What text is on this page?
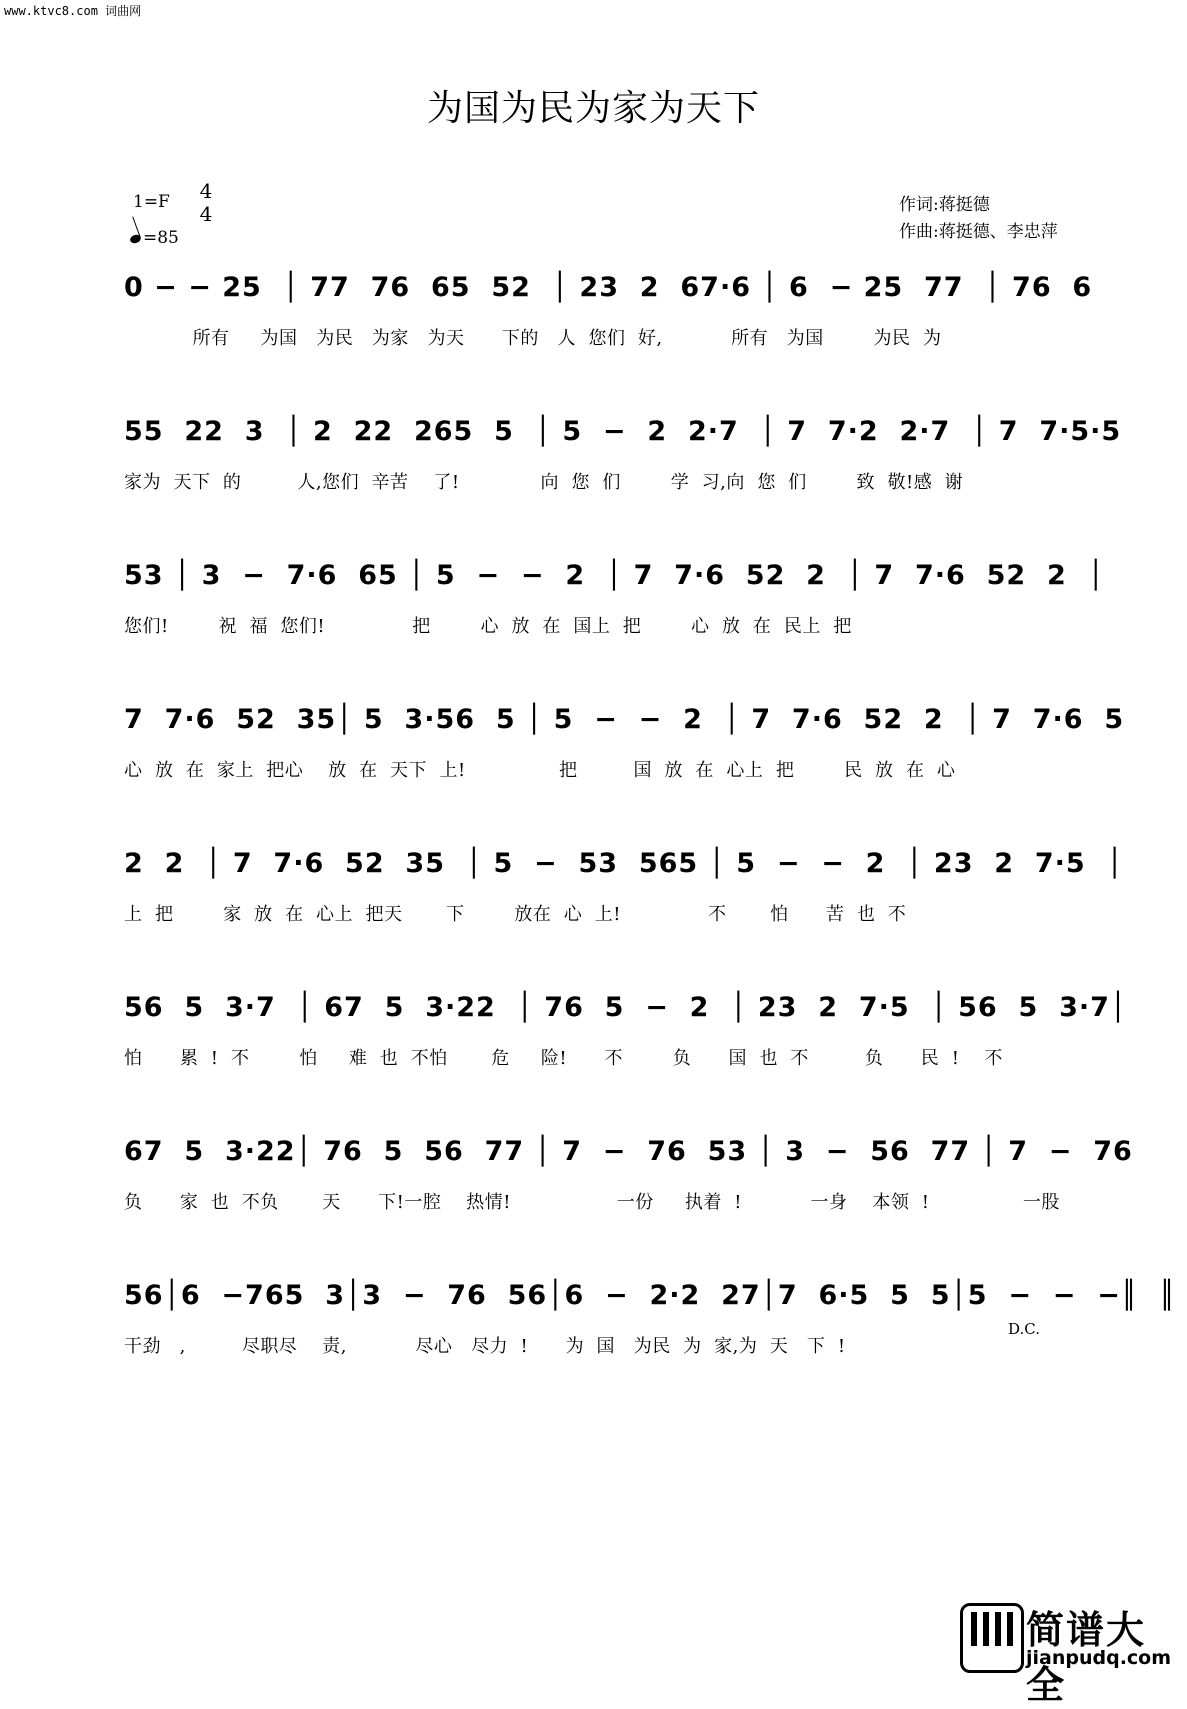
www.ktvc8.com 词曲网
为国为民为家为天下
1=F 4
4
=85
作词:蒋挺德
作曲:蒋挺德、李忠萍
0 − − 25  │ 77  76  65  52  │ 23  2  67·6 │ 6  − 25  77  │ 76  6
所有     为国   为民   为家   为天      下的   人  您们  好,           所有   为国        为民  为
55  22  3  │ 2  22  265  5  │ 5  −  2  2·7  │ 7  7·2  2·7  │ 7  7·5·5
家为  天下  的         人,您们  辛苦    了!             向  您  们        学  习,向  您  们        致  敬!感  谢
53 │ 3  −  7·6  65 │ 5  −  −  2  │ 7  7·6  52  2  │ 7  7·6  52  2  │
您们!        祝  福  您们!              把        心  放  在  国上  把        心  放  在  民上  把
7  7·6  52  35│ 5  3·56  5 │ 5  −  −  2  │ 7  7·6  52  2  │ 7  7·6  5
心  放  在  家上  把心    放  在  天下  上!               把         国  放  在  心上  把        民  放  在  心
2  2  │ 7  7·6  52  35  │ 5  −  53  565 │ 5  −  −  2  │ 23  2  7·5  │
上  把        家  放  在  心上  把天       下        放在  心  上!              不       怕      苦  也  不
56  5  3·7  │ 67  5  3·22  │ 76  5  −  2  │ 23  2  7·5  │ 56  5  3·7│
怕      累  !  不        怕     难  也  不怕       危     险!      不        负      国  也  不         负      民  !    不
67  5  3·22│ 76  5  56  77 │ 7  −  76  53 │ 3  −  56  77 │ 7  −  76
负      家  也  不负       天      下!一腔    热情!                 一份     执着  !           一身    本领  !               一股
56│6  −765  3│3  −  76  56│6  −  2·2  27│7  6·5  5  5│5  −  −  −║  ║
干劲   ,         尽职尽    责,           尽心   尽力  !      为  国   为民  为  家,为  天   下  !
D.C.
简谱大全
jianpudq.com
